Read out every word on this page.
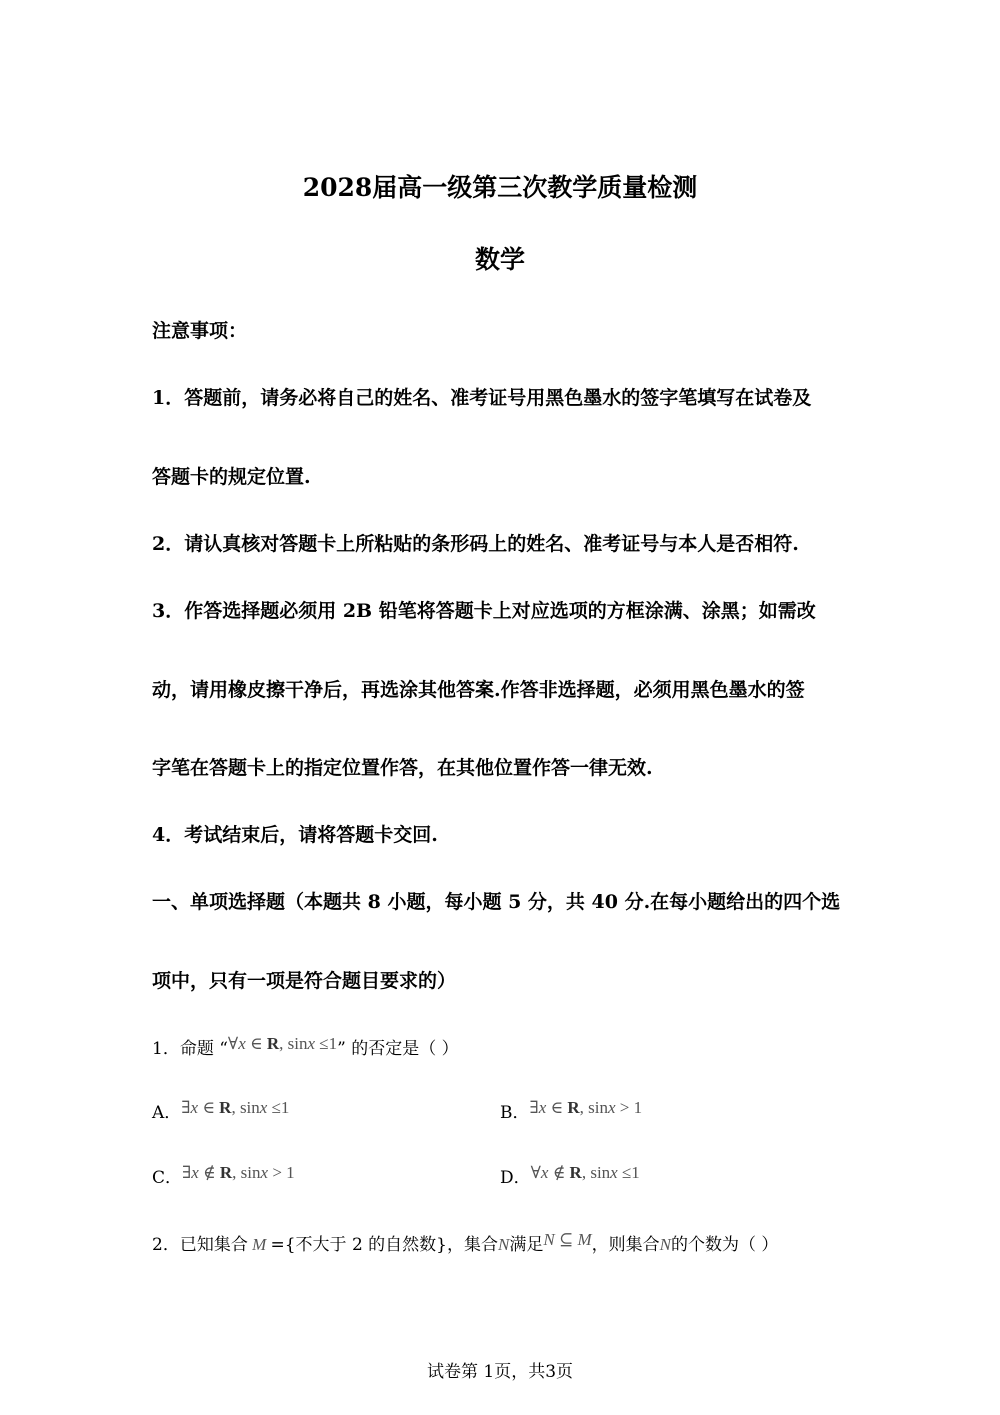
2028届高一级第三次教学质量检测
数学
注意事项：
1．答题前，请务必将自己的姓名、准考证号用黑色墨水的签字笔填写在试卷及
答题卡的规定位置.
2．请认真核对答题卡上所粘贴的条形码上的姓名、准考证号与本人是否相符.
3．作答选择题必须用 2B 铅笔将答题卡上对应选项的方框涂满、涂黑；如需改
动，请用橡皮擦干净后，再选涂其他答案.作答非选择题，必须用黑色墨水的签
字笔在答题卡上的指定位置作答，在其他位置作答一律无效.
4．考试结束后，请将答题卡交回.
一、单项选择题（本题共 8 小题，每小题 5 分，共 40 分.在每小题给出的四个选
项中，只有一项是符合题目要求的）
1．命题 “∀x ∈ R, sinx ≤1” 的否定是（ ）
A．∃x ∈ R, sinx ≤1	B．∃x ∈ R, sinx > 1
C．∃x ∉ R, sinx > 1	D．∀x ∉ R, sinx ≤1
2．已知集合 M ={不大于 2 的自然数}，集合N满足N ⊆ M，则集合N的个数为（ ）
试卷第 1页，共3页
